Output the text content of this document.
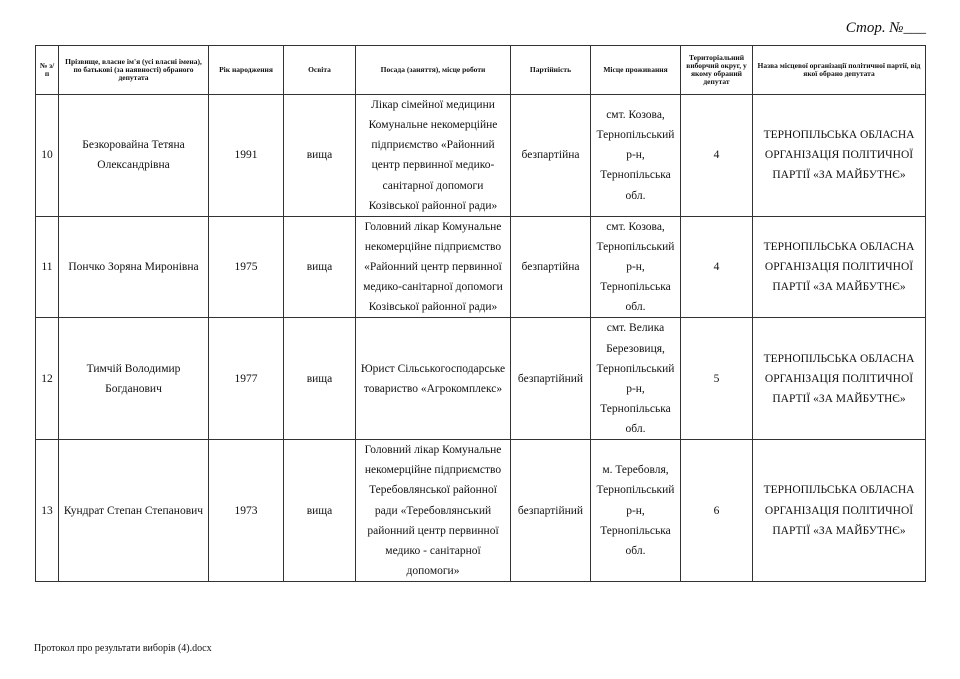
Стор. №___
№ з/п	Прізвище, власне ім'я (усі власні імена), по батькові (за наявності) обраного депутата	Рік народження	Освіта	Посада (заняття), місце роботи	Партійність	Місце проживання	Територіальний виборчий округ, у якому обраний депутат	Назва місцевої організації політичної партії, від якої обрано депутата
10	Безкоровайна Тетяна Олександрівна	1991	вища	Лікар сімейної медицини Комунальне некомерційне підприємство «Районний центр первинної медико-санітарної допомоги Козівської районної ради»	безпартійна	смт. Козова, Тернопільський р-н, Тернопільська обл.	4	ТЕРНОПІЛЬСЬКА ОБЛАСНА ОРГАНІЗАЦІЯ ПОЛІТИЧНОЇ ПАРТІЇ «ЗА МАЙБУТНЄ»
11	Пончко Зоряна Миронівна	1975	вища	Головний лікар Комунальне некомерційне підприємство «Районний центр первинної медико-санітарної допомоги Козівської районної ради»	безпартійна	смт. Козова, Тернопільський р-н, Тернопільська обл.	4	ТЕРНОПІЛЬСЬКА ОБЛАСНА ОРГАНІЗАЦІЯ ПОЛІТИЧНОЇ ПАРТІЇ «ЗА МАЙБУТНЄ»
12	Тимчій Володимир Богданович	1977	вища	Юрист Сільськогосподарське товариство «Агрокомплекс»	безпартійний	смт. Велика Березовиця, Тернопільський р-н, Тернопільська обл.	5	ТЕРНОПІЛЬСЬКА ОБЛАСНА ОРГАНІЗАЦІЯ ПОЛІТИЧНОЇ ПАРТІЇ «ЗА МАЙБУТНЄ»
13	Кундрат Степан Степанович	1973	вища	Головний лікар Комунальне некомерційне підприємство Теребовлянської районної ради «Теребовлянський районний центр первинної медико - санітарної допомоги»	безпартійний	м. Теребовля, Тернопільський р-н, Тернопільська обл.	6	ТЕРНОПІЛЬСЬКА ОБЛАСНА ОРГАНІЗАЦІЯ ПОЛІТИЧНОЇ ПАРТІЇ «ЗА МАЙБУТНЄ»
Протокол про результати виборів (4).docx
